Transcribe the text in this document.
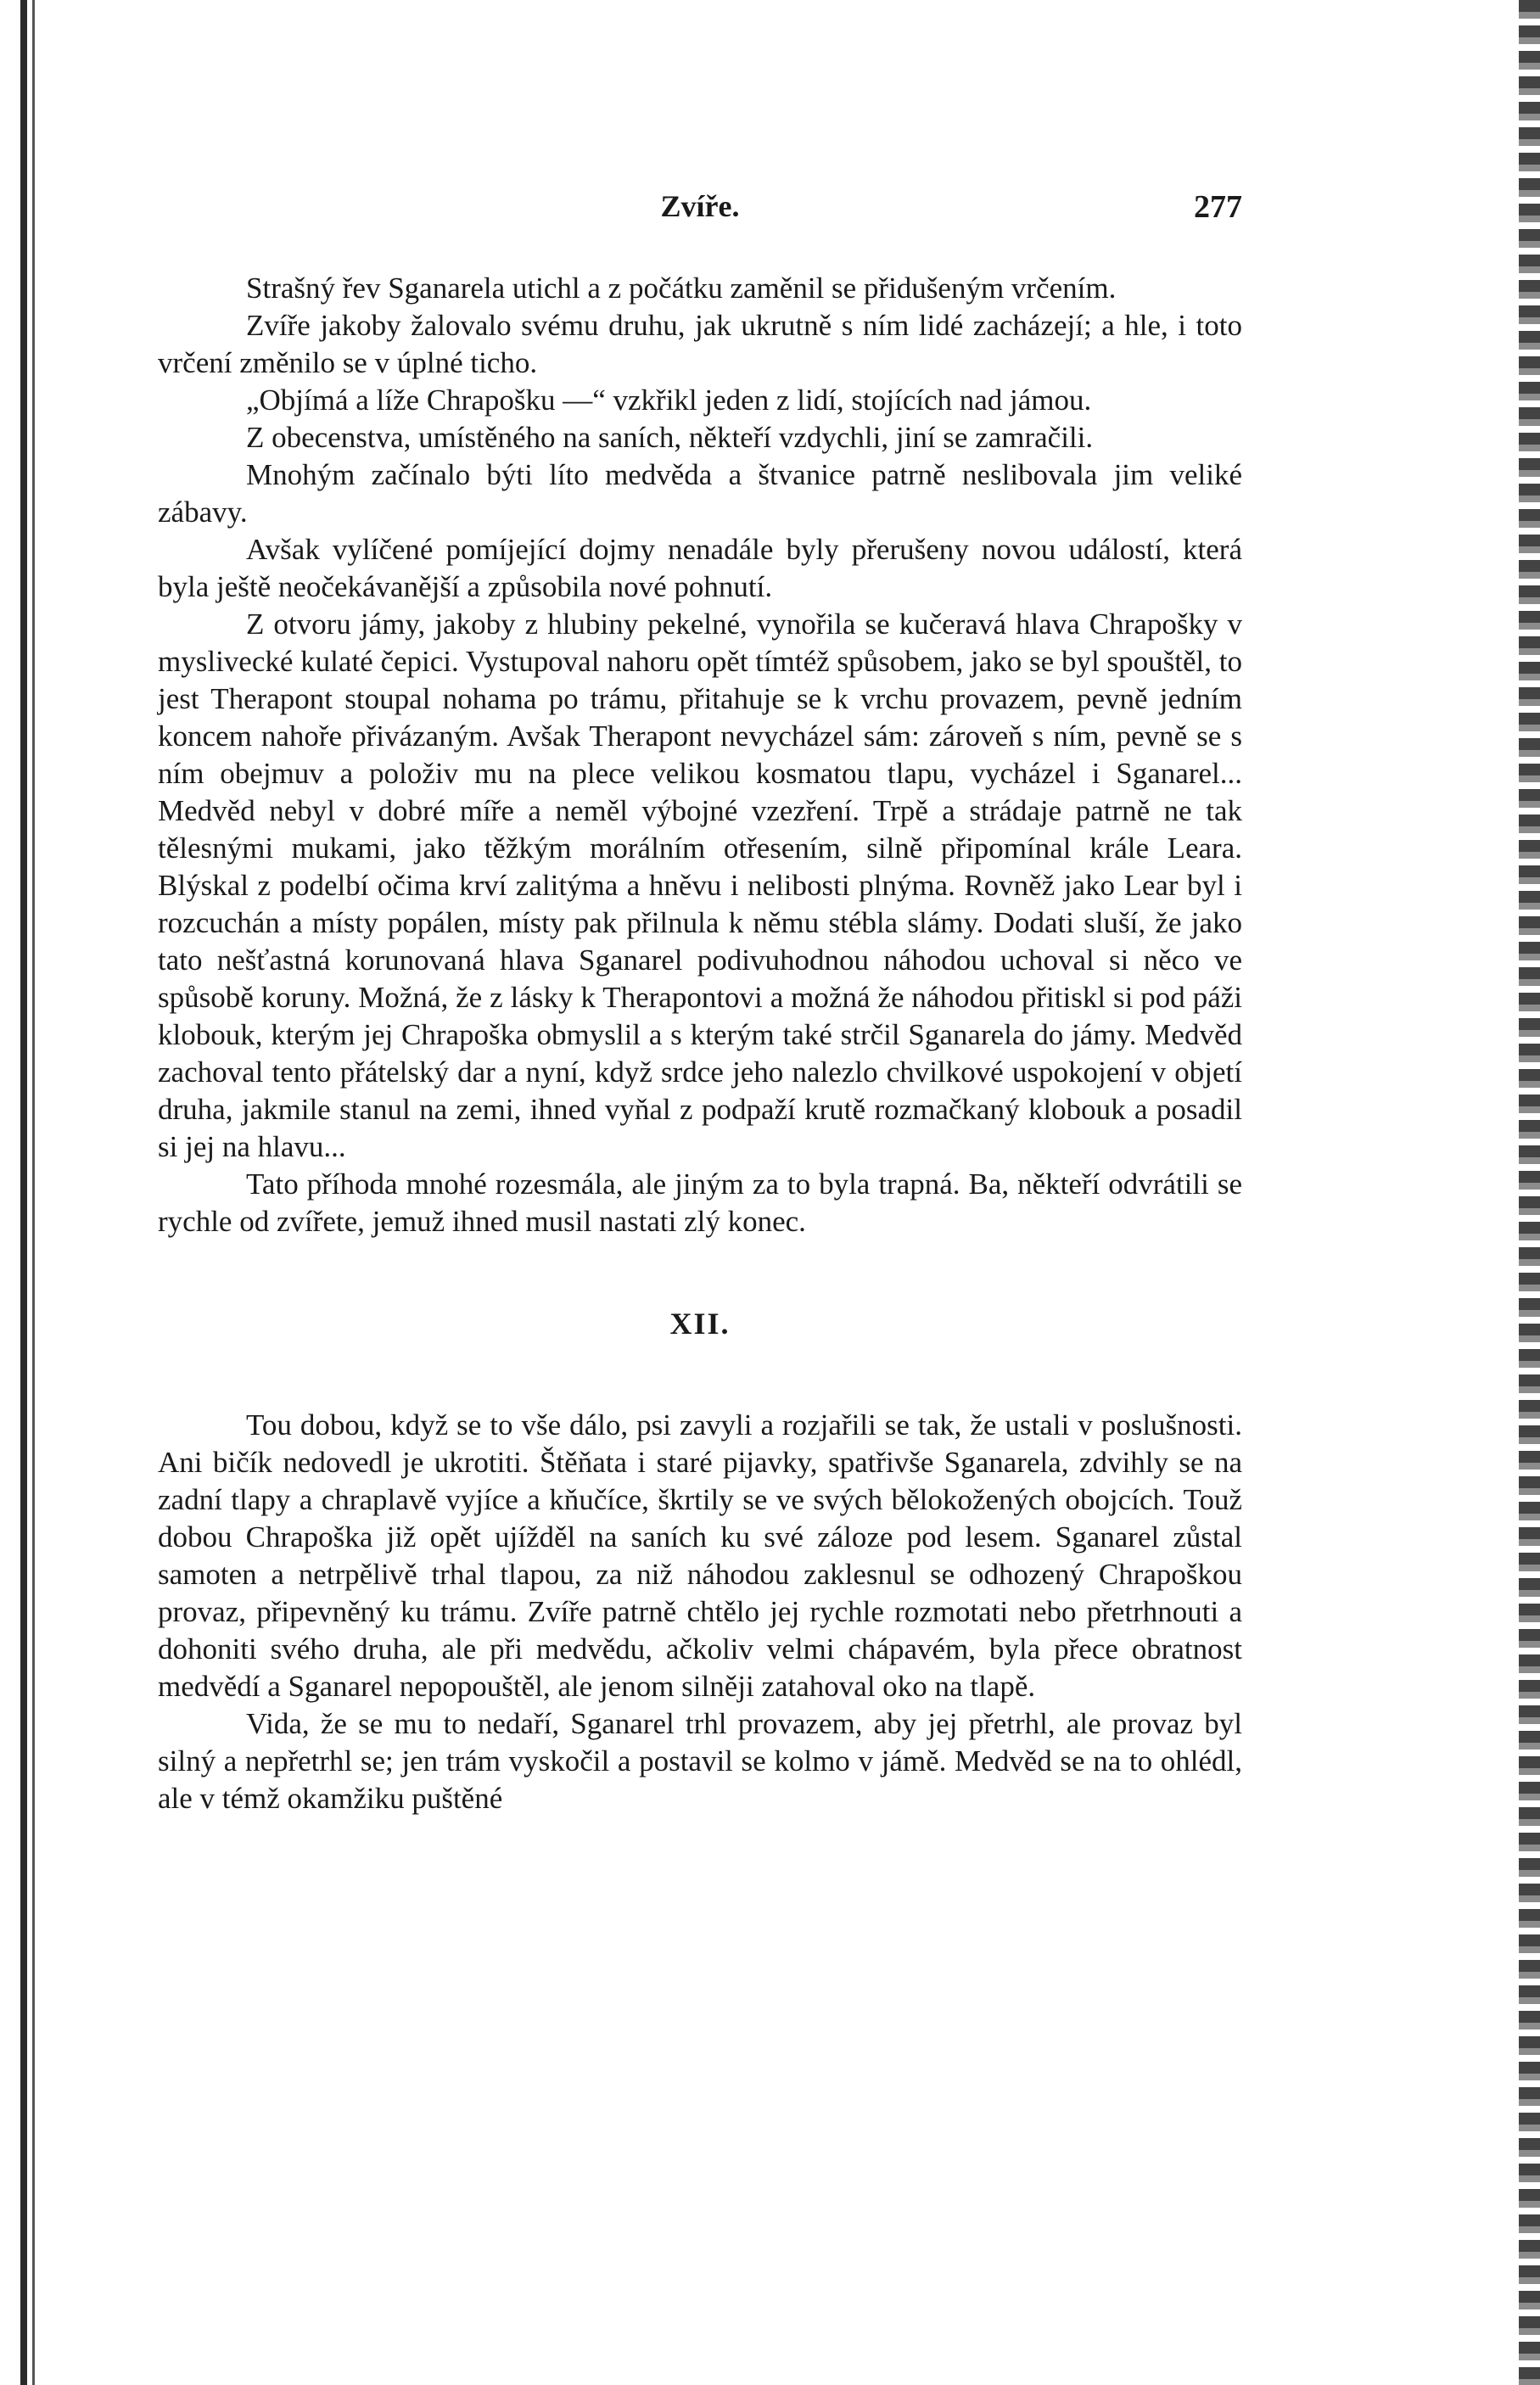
Zvíře.	277

Strašný řev Sganarela utichl a z počátku zaměnil se přidušeným vrčením.

Zvíře jakoby žalovalo svému druhu, jak ukrutně s ním lidé zacházejí; a hle, i toto vrčení změnilo se v úplné ticho.

„Objímá a líže Chrapošku —“ vzkřikl jeden z lidí, stojících nad jámou.

Z obecenstva, umístěného na saních, někteří vzdychli, jiní se zamračili.

Mnohým začínalo býti líto medvěda a štvanice patrně neslibovala jim veliké zábavy.

Avšak vylíčené pomíjející dojmy nenadále byly přerušeny novou událostí, která byla ještě neočekávanější a způsobila nové pohnutí.

Z otvoru jámy, jakoby z hlubiny pekelné, vynořila se kučeravá hlava Chrapošky v myslivecké kulaté čepici. Vystupoval nahoru opět tímtéž spůsobem, jako se byl spouštěl, to jest Therapont stoupal nohama po trámu, přitahuje se k vrchu provazem, pevně jedním koncem nahoře přivázaným. Avšak Therapont nevycházel sám: zároveň s ním, pevně se s ním obejmuv a položiv mu na plece velikou kosmatou tlapu, vycházel i Sganarel... Medvěd nebyl v dobré míře a neměl výbojné vzezření. Trpě a strádaje patrně ne tak tělesnými mukami, jako těžkým morálním otřesením, silně připomínal krále Leara. Blýskal z podelbí očima krví zalitýma a hněvu i nelibosti plnýma. Rovněž jako Lear byl i rozcuchán a místy popálen, místy pak přilnula k němu stébla slámy. Dodati sluší, že jako tato nešťastná korunovaná hlava Sganarel podivuhodnou náhodou uchoval si něco ve spůsobě koruny. Možná, že z lásky k Therapontovi a možná že náhodou přitiskl si pod páži klobouk, kterým jej Chrapoška obmyslil a s kterým také strčil Sganarela do jámy. Medvěd zachoval tento přátelský dar a nyní, když srdce jeho nalezlo chvilkové uspokojení v objetí druha, jakmile stanul na zemi, ihned vyňal z podpaží krutě rozmačkaný klobouk a posadil si jej na hlavu...

Tato příhoda mnohé rozesmála, ale jiným za to byla trapná. Ba, někteří odvrátili se rychle od zvířete, jemuž ihned musil nastati zlý konec.

XII.

Tou dobou, když se to vše dálo, psi zavyli a rozjařili se tak, že ustali v poslušnosti. Ani bičík nedovedl je ukrotiti. Štěňata i staré pijavky, spatřivše Sganarela, zdvihly se na zadní tlapy a chraplavě vyjíce a kňučíce, škrtily se ve svých bělokožených obojcích. Touž dobou Chrapoška již opět ujížděl na saních ku své záloze pod lesem. Sganarel zůstal samoten a netrpělivě trhal tlapou, za niž náhodou zaklesnul se odhozený Chrapoškou provaz, připevněný ku trámu. Zvíře patrně chtělo jej rychle rozmotati nebo přetrhnouti a dohoniti svého druha, ale při medvědu, ačkoliv velmi chápavém, byla přece obratnost medvědí a Sganarel nepopouštěl, ale jenom silněji zatahoval oko na tlapě.

Vida, že se mu to nedaří, Sganarel trhl provazem, aby jej přetrhl, ale provaz byl silný a nepřetrhl se; jen trám vyskočil a postavil se kolmo v jámě. Medvěd se na to ohlédl, ale v témž okamžiku puštěné
